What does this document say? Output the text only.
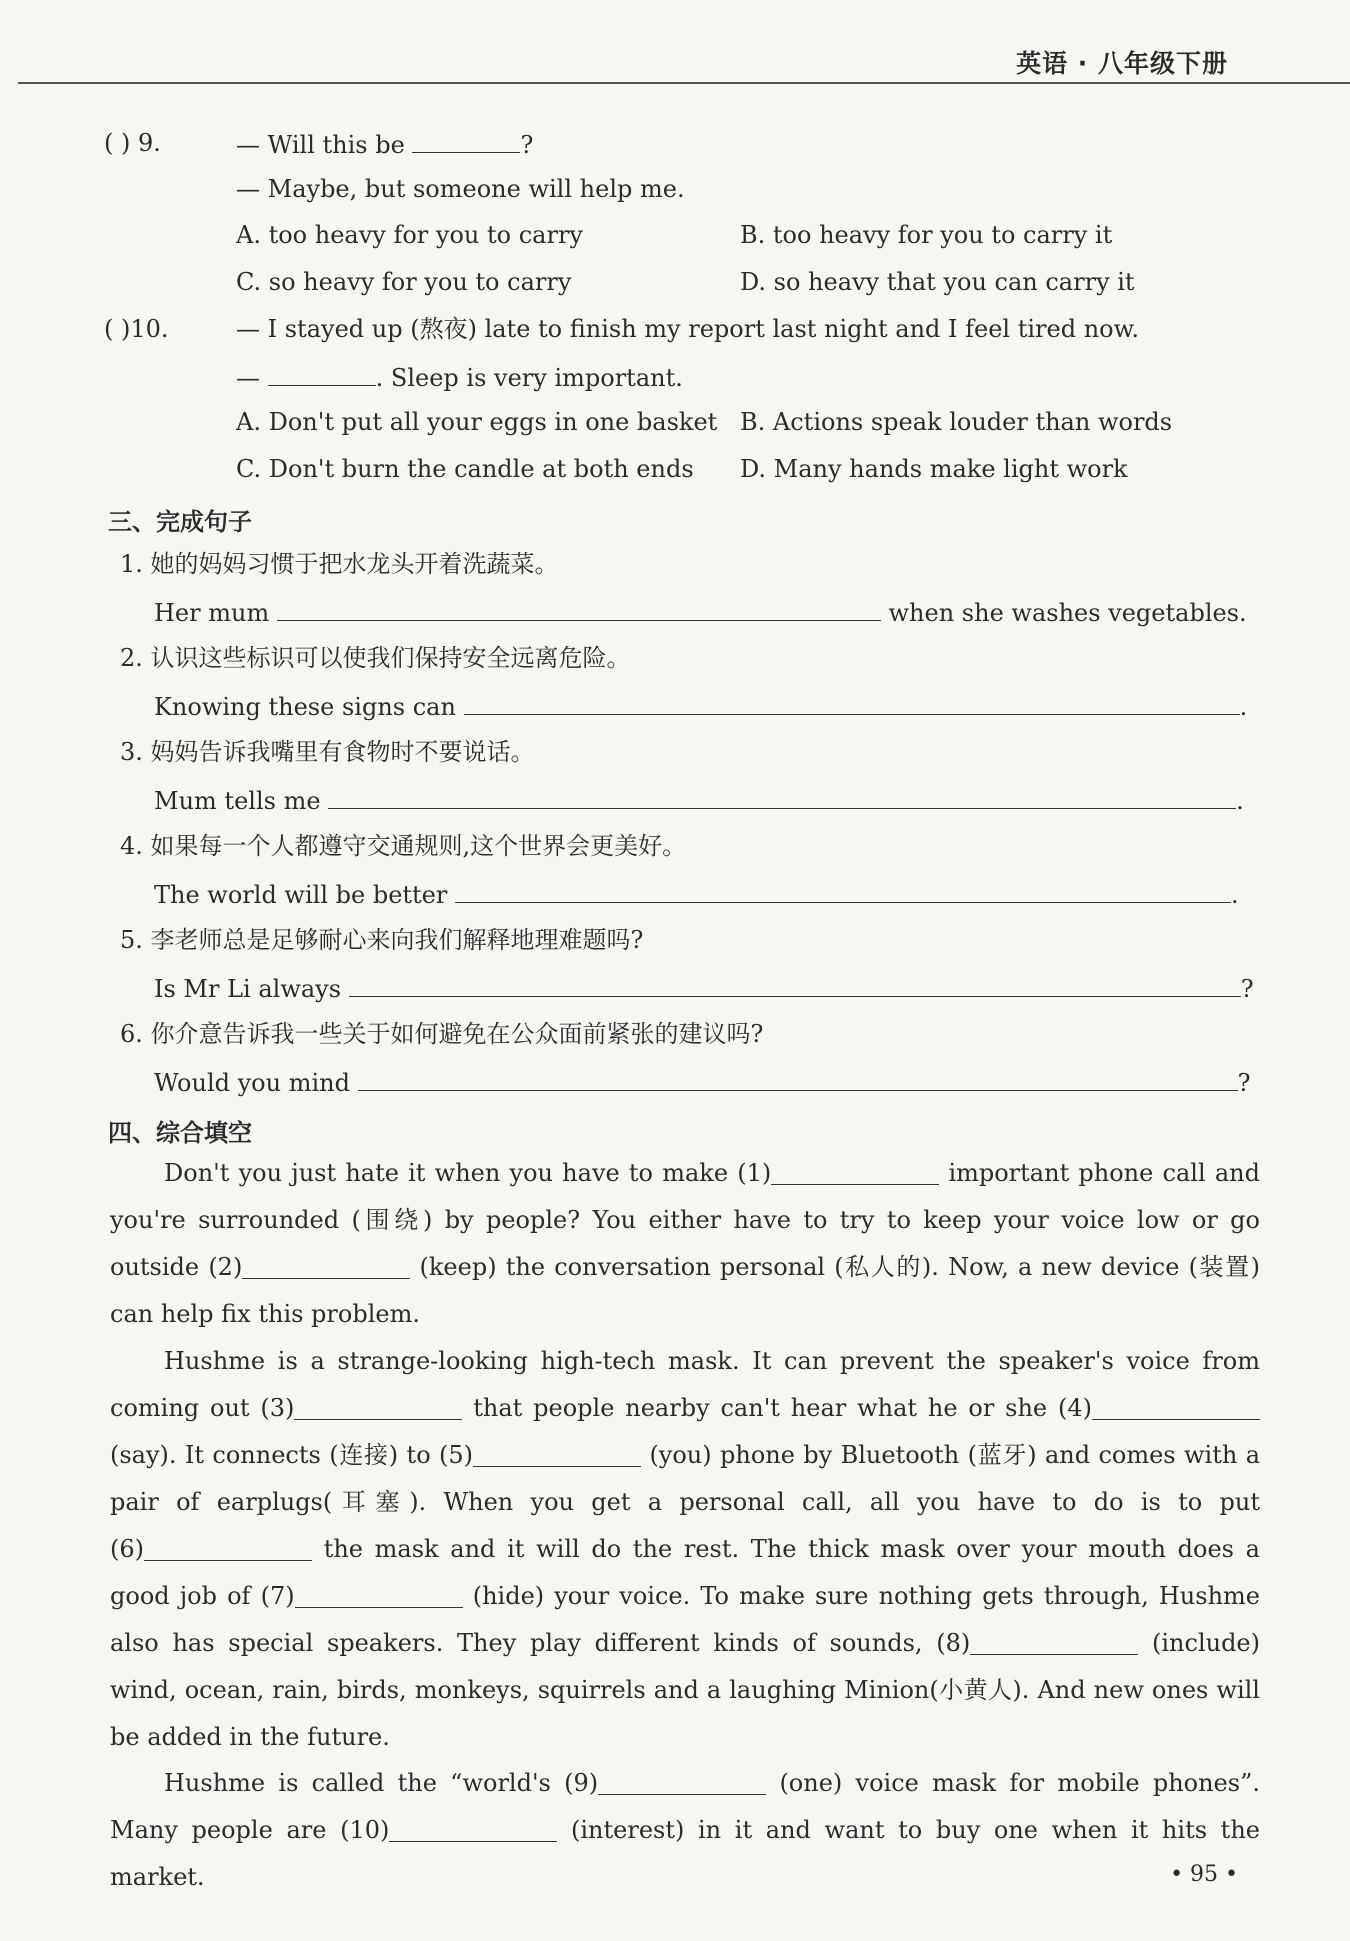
英语 · 八年级下册
( ) 9.	— Will this be	?
— Maybe, but someone will help me.
A. too heavy for you to carry	B. too heavy for you to carry it
C. so heavy for you to carry	D. so heavy that you can carry it
( )10.	— I stayed up (熬夜) late to finish my report last night and I feel tired now.
—	. Sleep is very important.
A. Don't put all your eggs in one basket B. Actions speak louder than words
C. Don't burn the candle at both ends D. Many hands make light work
三、完成句子
1. 她的妈妈习惯于把水龙头开着洗蔬菜。
Her mum	when she washes vegetables.
2. 认识这些标识可以使我们保持安全远离危险。
Knowing these signs can	.
3. 妈妈告诉我嘴里有食物时不要说话。
Mum tells me	.
4. 如果每一个人都遵守交通规则,这个世界会更美好。
The world will be better	.
5. 李老师总是足够耐心来向我们解释地理难题吗?
Is Mr Li always	?
6. 你介意告诉我一些关于如何避免在公众面前紧张的建议吗?
Would you mind	?
四、综合填空
Don't you just hate it when you have to make (1)	important phone call and you're surrounded (围绕) by people? You either have to try to keep your voice low or go outside (2)	(keep) the conversation personal (私人的). Now, a new device (装置) can help fix this problem.
Hushme is a strange-looking high-tech mask. It can prevent the speaker's voice from coming out (3)	that people nearby can't hear what he or she (4) (say). It connects (连接) to (5)	(you) phone by Bluetooth (蓝牙) and comes with a pair of earplugs(耳塞). When you get a personal call, all you have to do is to put (6)	the mask and it will do the rest. The thick mask over your mouth does a good job of (7)	(hide) your voice. To make sure nothing gets through, Hushme also has special speakers. They play different kinds of sounds, (8)	(include) wind, ocean, rain, birds, monkeys, squirrels and a laughing Minion(小黄人). And new ones will be added in the future.
Hushme is called the “world's (9)	(one) voice mask for mobile phones”. Many people are (10)	(interest) in it and want to buy one when it hits the market.	• 95 •
